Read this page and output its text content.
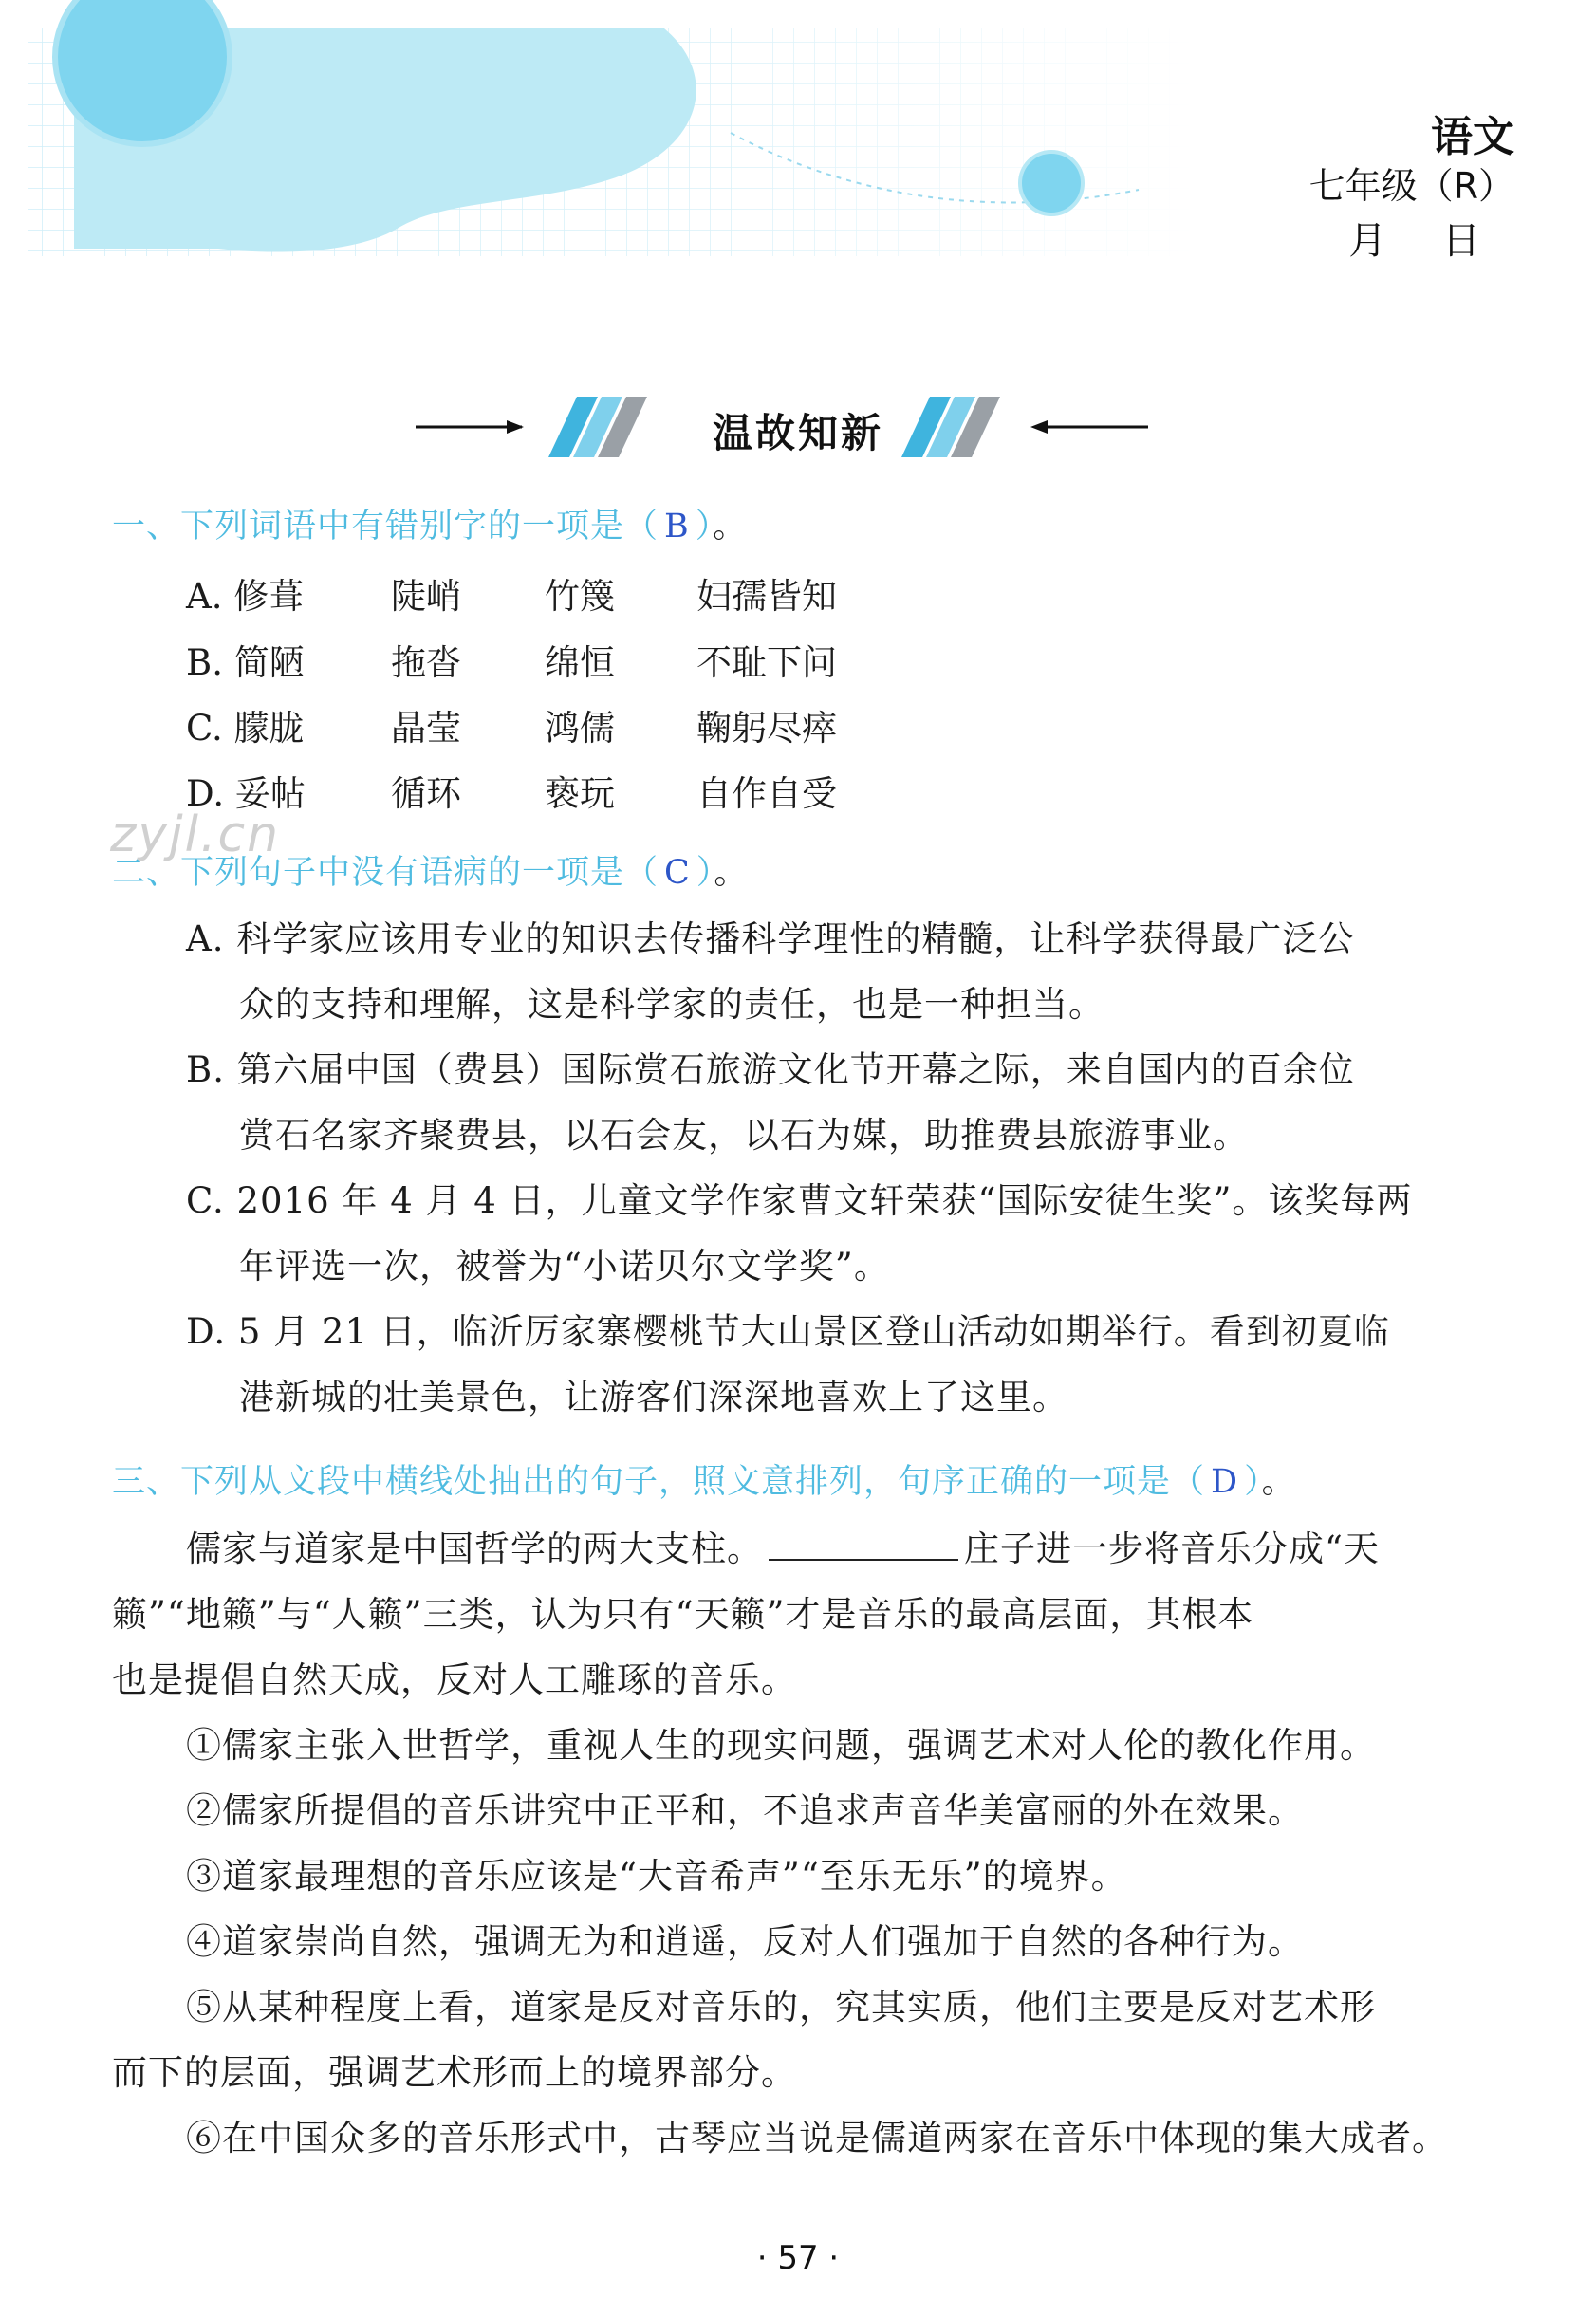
语文
七年级（R）
月 日
温故知新
一、下列词语中有错别字的一项是（ B ）。
A. 修葺 陡峭 竹篾 妇孺皆知
B. 简陋 拖沓 绵恒 不耻下问
C. 朦胧 晶莹 鸿儒 鞠躬尽瘁
D. 妥帖 循环 亵玩 自作自受
zyjl.cn
二、下列句子中没有语病的一项是（ C ）。
A. 科学家应该用专业的知识去传播科学理性的精髓，让科学获得最广泛公
众的支持和理解，这是科学家的责任，也是一种担当。
B. 第六届中国（费县）国际赏石旅游文化节开幕之际，来自国内的百余位
赏石名家齐聚费县，以石会友，以石为媒，助推费县旅游事业。
C. 2016 年 4 月 4 日，儿童文学作家曹文轩荣获“国际安徒生奖”。该奖每两
年评选一次，被誉为“小诺贝尔文学奖”。
D. 5 月 21 日，临沂厉家寨樱桃节大山景区登山活动如期举行。看到初夏临
港新城的壮美景色，让游客们深深地喜欢上了这里。
三、下列从文段中横线处抽出的句子，照文意排列，句序正确的一项是（ D ）。
儒家与道家是中国哲学的两大支柱。	庄子进一步将音乐分成“天
籁”“地籁”与“人籁”三类，认为只有“天籁”才是音乐的最高层面，其根本
也是提倡自然天成，反对人工雕琢的音乐。
①儒家主张入世哲学，重视人生的现实问题，强调艺术对人伦的教化作用。
②儒家所提倡的音乐讲究中正平和，不追求声音华美富丽的外在效果。
③道家最理想的音乐应该是“大音希声”“至乐无乐”的境界。
④道家崇尚自然，强调无为和逍遥，反对人们强加于自然的各种行为。
⑤从某种程度上看，道家是反对音乐的，究其实质，他们主要是反对艺术形
而下的层面，强调艺术形而上的境界部分。
⑥在中国众多的音乐形式中，古琴应当说是儒道两家在音乐中体现的集大成者。
· 57 ·
